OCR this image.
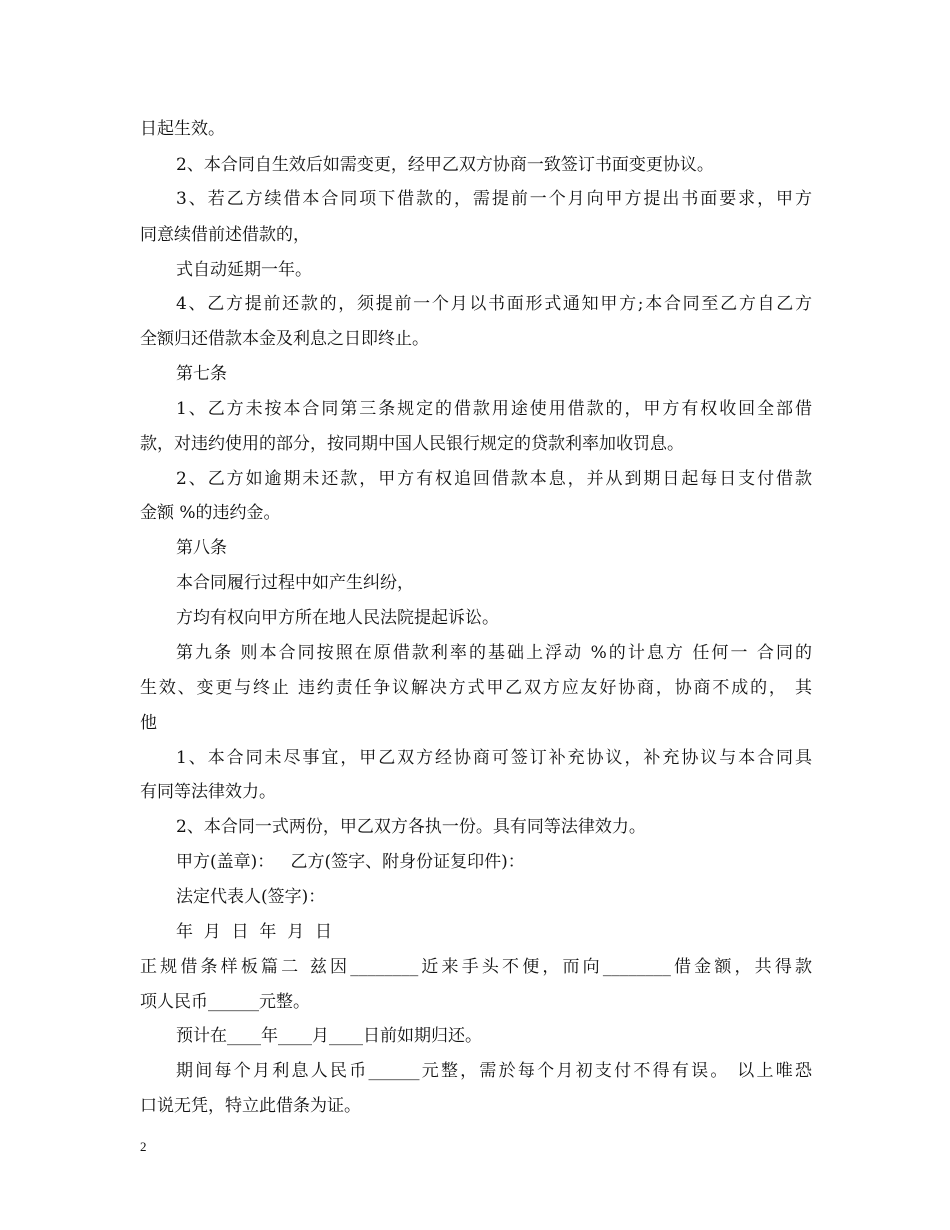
日起生效。
2、本合同自生效后如需变更，经甲乙双方协商一致签订书面变更协议。
3、若乙方续借本合同项下借款的，需提前一个月向甲方提出书面要求，甲方
同意续借前述借款的，
式自动延期一年。
4、乙方提前还款的，须提前一个月以书面形式通知甲方;本合同至乙方自乙方
全额归还借款本金及利息之日即终止。
第七条
1、乙方未按本合同第三条规定的借款用途使用借款的，甲方有权收回全部借
款，对违约使用的部分，按同期中国人民银行规定的贷款利率加收罚息。
2、乙方如逾期未还款，甲方有权追回借款本息，并从到期日起每日支付借款
金额 %的违约金。
第八条
本合同履行过程中如产生纠纷，
方均有权向甲方所在地人民法院提起诉讼。
第九条 则本合同按照在原借款利率的基础上浮动 %的计息方 任何一 合同的
生效、变更与终止 违约责任争议解决方式甲乙双方应友好协商，协商不成的， 其
他
1、本合同未尽事宜，甲乙双方经协商可签订补充协议，补充协议与本合同具
有同等法律效力。
2、本合同一式两份，甲乙双方各执一份。具有同等法律效力。
甲方(盖章)：   乙方(签字、附身份证复印件)：
法定代表人(签字)：
年  月  日  年  月  日
正规借条样板篇二 兹因________近来手头不便，而向________借金额，共得款
项人民币______元整。
预计在____年____月____日前如期归还。
期间每个月利息人民币______元整，需於每个月初支付不得有误。 以上唯恐
口说无凭，特立此借条为证。
2
